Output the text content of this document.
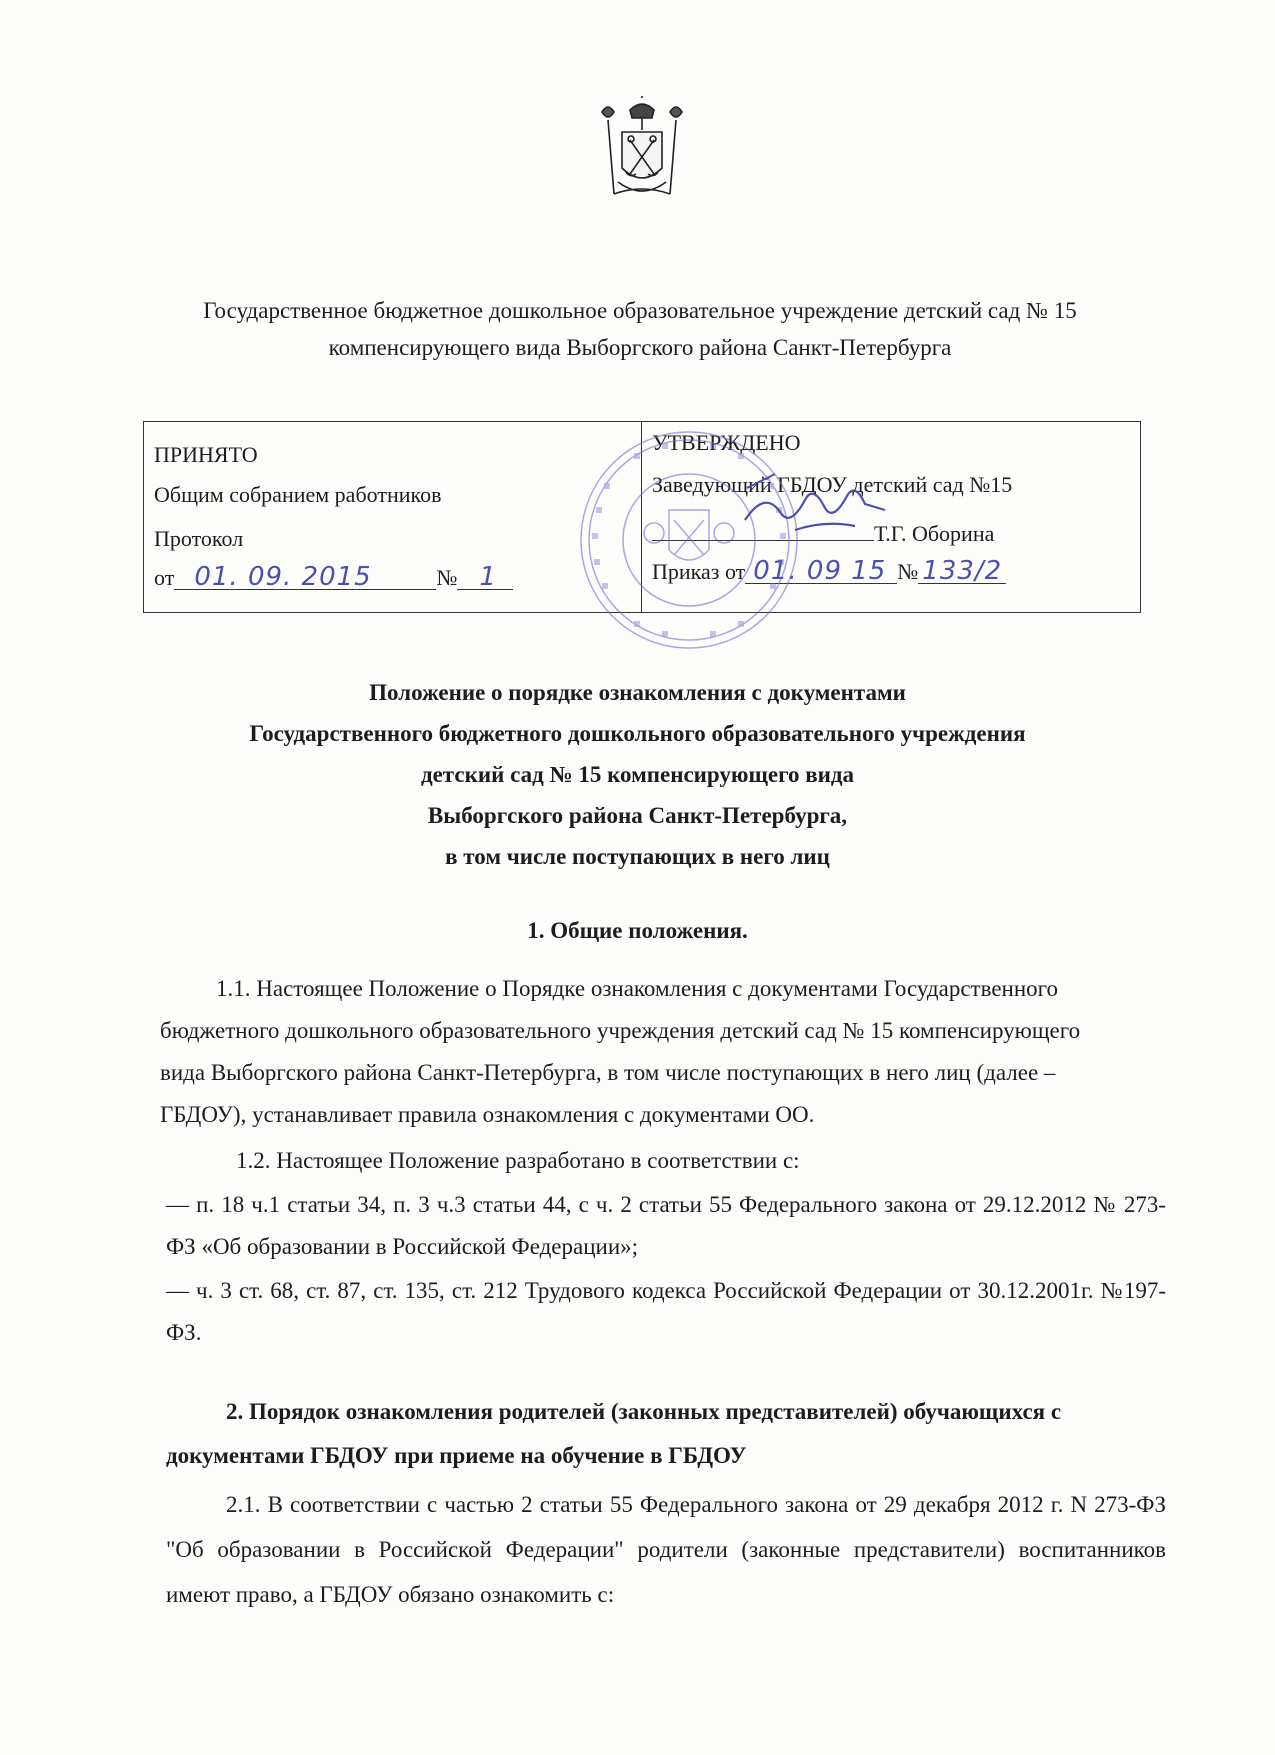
Государственное бюджетное дошкольное образовательное учреждение детский сад № 15
компенсирующего вида Выборгского района Санкт-Петербурга
ПРИНЯТО
Общим собранием работников
Протокол
от 01. 09. 2015	№ 1
УТВЕРЖДЕНО
Заведующий ГБДОУ детский сад №15
Т.Г. Оборина
Приказ от 01. 09 15 № 133/2
Положение о порядке ознакомления с документами
Государственного бюджетного дошкольного образовательного учреждения
детский сад № 15 компенсирующего вида
Выборгского района Санкт-Петербурга,
в том числе поступающих в него лиц
1. Общие положения.
1.1. Настоящее Положение о Порядке ознакомления с документами Государственного бюджетного дошкольного образовательного учреждения детский сад № 15 компенсирующего вида Выборгского района Санкт-Петербурга, в том числе поступающих в него лиц (далее – ГБДОУ), устанавливает правила ознакомления с документами ОО.
1.2. Настоящее Положение разработано в соответствии с:
— п. 18 ч.1 статьи 34, п. 3 ч.3 статьи 44, с ч. 2 статьи 55 Федерального закона от 29.12.2012 № 273-ФЗ «Об образовании в Российской Федерации»;
— ч. 3 ст. 68, ст. 87, ст. 135, ст. 212 Трудового кодекса Российской Федерации от 30.12.2001г. №197-ФЗ.
2. Порядок ознакомления родителей (законных представителей) обучающихся с документами ГБДОУ при приеме на обучение в ГБДОУ
2.1. В соответствии с частью 2 статьи 55 Федерального закона от 29 декабря 2012 г. N 273-ФЗ "Об образовании в Российской Федерации" родители (законные представители) воспитанников имеют право, а ГБДОУ обязано ознакомить с:
